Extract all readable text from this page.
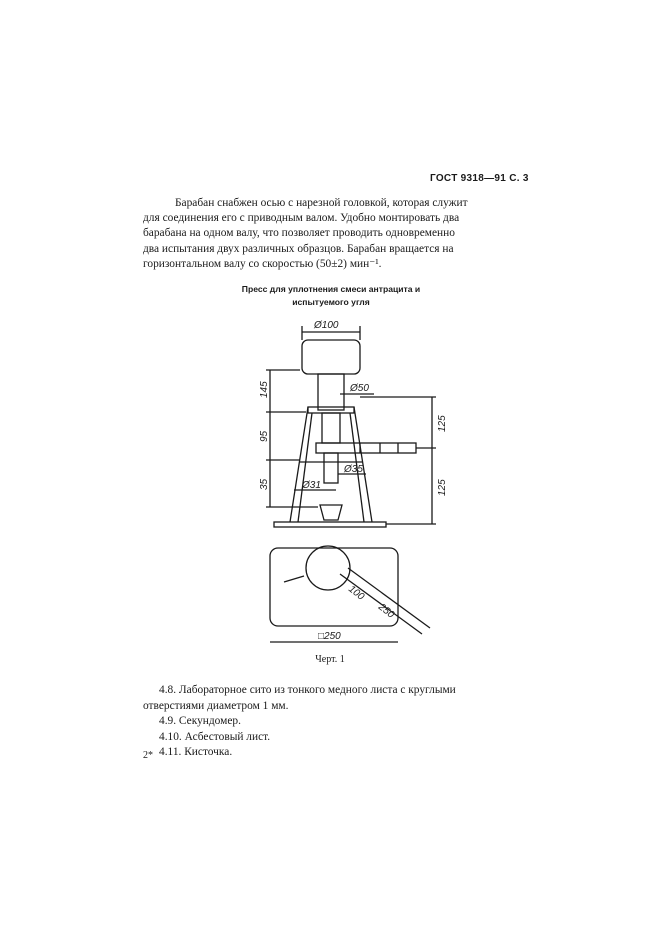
ГОСТ 9318—91 С. 3
Барабан снабжен осью с нарезной головкой, которая служит
для соединения его с приводным валом. Удобно монтировать два
барабана на одном валу, что позволяет проводить одновременно
два испытания двух различных образцов. Барабан вращается на
горизонтальном валу со скоростью (50±2) мин⁻¹.
Пресс для уплотнения смеси антрацита и
испытуемого угля
Ø100
Ø50
Ø35
Ø31
145
95
35
125
125
100
250
□250
Черт. 1
4.8. Лабораторное сито из тонкого медного листа с круглыми
отверстиями диаметром 1 мм.
4.9. Секундомер.
4.10. Асбестовый лист.
4.11. Кисточка.
2*
